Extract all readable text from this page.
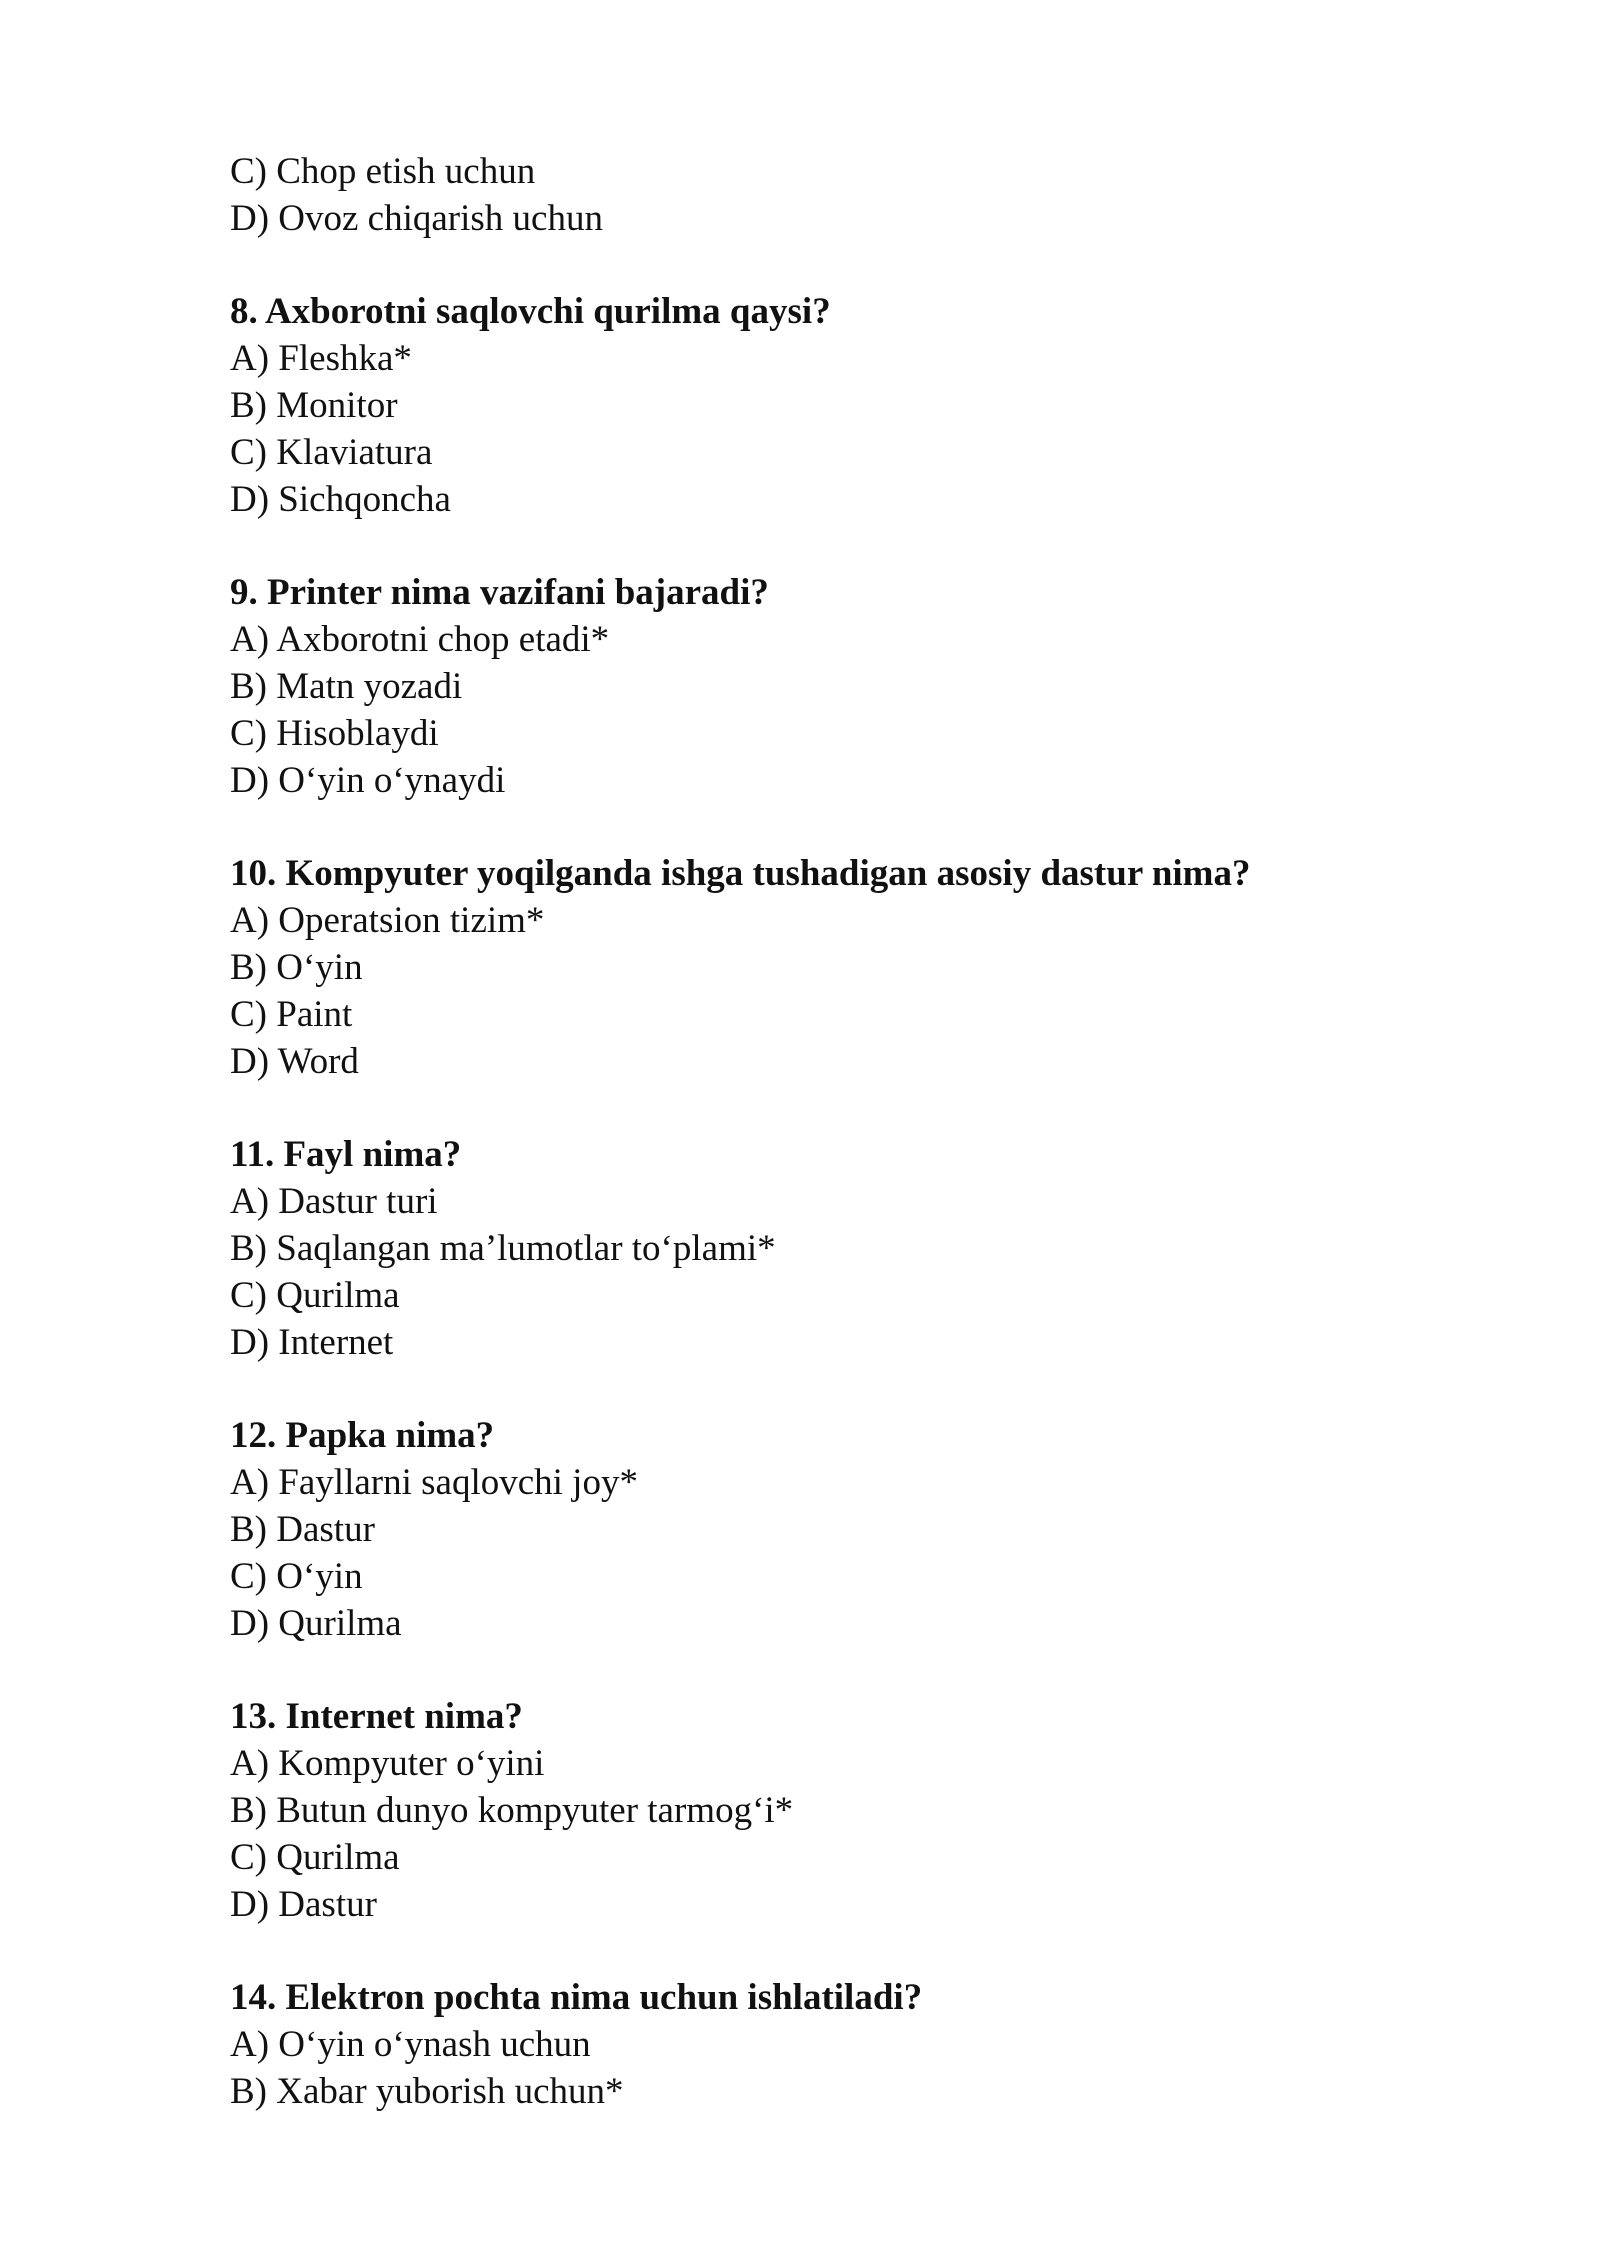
C) Chop etish uchun
D) Ovoz chiqarish uchun
8. Axborotni saqlovchi qurilma qaysi?
A) Fleshka*
B) Monitor
C) Klaviatura
D) Sichqoncha
9. Printer nima vazifani bajaradi?
A) Axborotni chop etadi*
B) Matn yozadi
C) Hisoblaydi
D) O‘yin o‘ynaydi
10. Kompyuter yoqilganda ishga tushadigan asosiy dastur nima?
A) Operatsion tizim*
B) O‘yin
C) Paint
D) Word
11. Fayl nima?
A) Dastur turi
B) Saqlangan ma’lumotlar to‘plami*
C) Qurilma
D) Internet
12. Papka nima?
A) Fayllarni saqlovchi joy*
B) Dastur
C) O‘yin
D) Qurilma
13. Internet nima?
A) Kompyuter o‘yini
B) Butun dunyo kompyuter tarmog‘i*
C) Qurilma
D) Dastur
14. Elektron pochta nima uchun ishlatiladi?
A) O‘yin o‘ynash uchun
B) Xabar yuborish uchun*
